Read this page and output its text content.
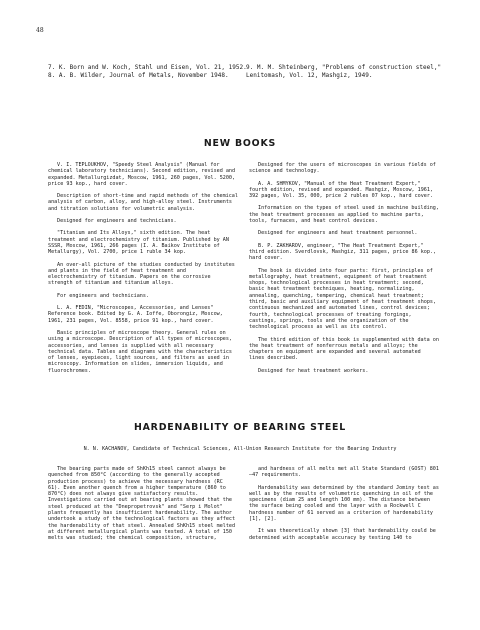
48

7. K. Born and W. Koch, Stahl und Eisen, Vol. 21, 1952.

8. A. B. Wilder, Journal of Metals, November 1948.

9. M. M. Shteinberg, "Problems of construction steel," Lenitomash, Vol. 12, Mashgiz, 1949.

NEW BOOKS

V. I. TEPLOUKHOV, "Speedy Steel Analysis" (Manual for chemical laboratory technicians). Second edition, revised and expanded. Metallurgizdat, Moscow, 1961, 260 pages, Vol. 5200, price 93 kop., hard cover.

Description of short-time and rapid methods of the chemical analysis of carbon, alloy, and high-alloy steel. Instruments and titration solutions for volumetric analysis.

Designed for engineers and technicians.

"Titanium and Its Alloys," sixth edition. The heat treatment and electrochemistry of titanium. Published by AN SSSR, Moscow, 1961, 266 pages (I. A. Baikov Institute of Metallurgy), Vol. 2700, price 1 ruble 34 kop.

An over-all picture of the studies conducted by institutes and plants in the field of heat treatment and electrochemistry of titanium. Papers on the corrosive strength of titanium and titanium alloys.

For engineers and technicians.

L. A. FEDIN, "Microscopes, Accessories, and Lenses" Reference book. Edited by G. A. Ioffe, Oborongiz, Moscow, 1961, 231 pages, Vol. 8558, price 91 kop., hard cover.

Basic principles of microscope theory. General rules on using a microscope. Description of all types of microscopes, accessories, and lenses is supplied with all necessary technical data. Tables and diagrams with the characteristics of lenses, eyepieces, light sources, and filters as used in microscopy. Information on slides, immersion liquids, and fluorochromes.

Designed for the users of microscopes in various fields of science and technology.

A. A. SHMYKOV, "Manual of the Heat Treatment Expert," fourth edition, revised and expanded. Mashgiz, Moscow, 1961, 392 pages, Vol. 35, 000, price 2 rubles 07 kop., hard cover.

Information on the types of steel used in machine building, the heat treatment processes as applied to machine parts, tools, furnaces, and heat control devices.

Designed for engineers and heat treatment personnel.

B. P. ZAKHAROV, engineer, "The Heat Treatment Expert," third edition. Sverdlovsk, Mashgiz, 311 pages, price 86 kop., hard cover.

The book is divided into four parts: first, principles of metallography, heat treatment, equipment of heat treatment shops, technological processes in heat treatment; second, basic heat treatment techniques, heating, normalizing, annealing, quenching, tempering, chemical heat treatment; third, basic and auxiliary equipment of heat treatment shops, continuous mechanized and automated lines, control devices; fourth, technological processes of treating forgings, castings, springs, tools and the organization of the technological process as well as its control.

The third edition of this book is supplemented with data on the heat treatment of nonferrous metals and alloys; the chapters on equipment are expanded and several automated lines described.

Designed for heat treatment workers.

HARDENABILITY OF BEARING STEEL
N. N. KACHANOV, Candidate of Technical Sciences, All-Union Research Institute for the Bearing Industry

The bearing parts made of ShKh15 steel cannot always be quenched from 850°C (according to the generally accepted production process) to achieve the necessary hardness (RC 61). Even another quench from a higher temperature (860 to 870°C) does not always give satisfactory results. Investigations carried out at bearing plants showed that the steel produced at the "Dnepropetrovsk" and "Serp i Molot" plants frequently has insufficient hardenability. The author undertook a study of the technological factors as they affect the hardenability of that steel. Annealed ShKh15 steel melted at different metallurgical plants was tested. A total of 150 melts was studied; the chemical composition, structure,

and hardness of all melts met all State Standard (GOST) 801—47 requirements.

Hardenability was determined by the standard Jominy test as well as by the results of volumetric quenching in oil of the specimens (diam 25 and length 100 mm). The distance between the surface being cooled and the layer with a Rockwell C hardness number of 61 served as a criterion of hardenability [1], [2].

It was theoretically shown [3] that hardenability could be determined with acceptable accuracy by testing 140 to
